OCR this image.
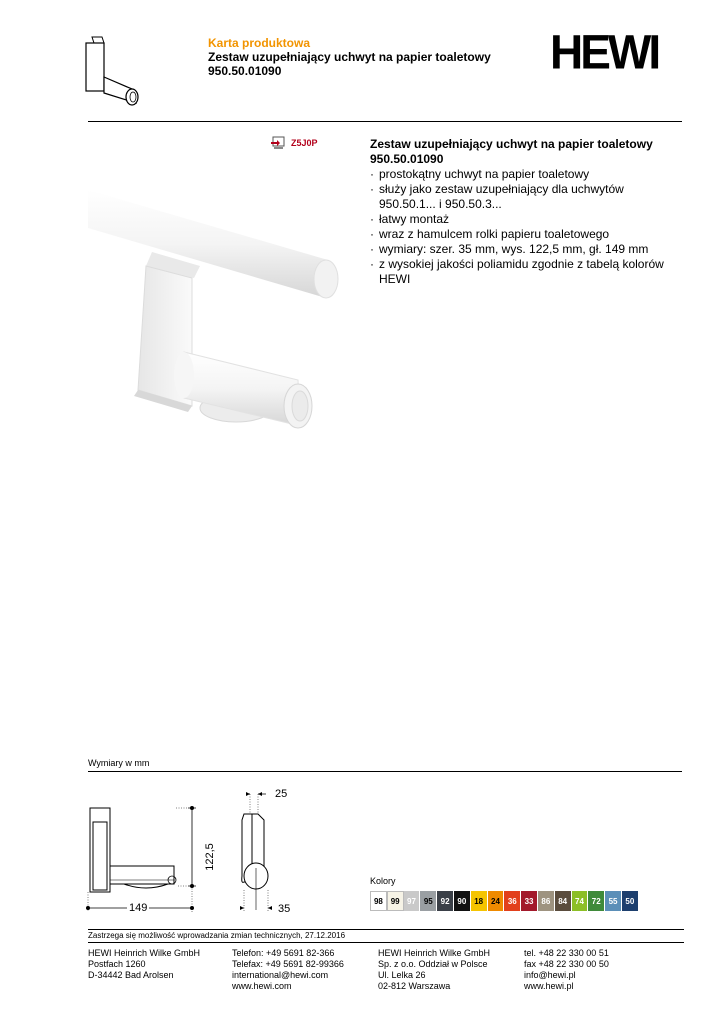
Karta produktowa
Zestaw uzupełniający uchwyt na papier toaletowy
950.50.01090	HEWI
Z5J0P	Zestaw uzupełniający uchwyt na papier toaletowy
950.50.01090
· prostokątny uchwyt na papier toaletowy
· służy jako zestaw uzupełniający dla uchwytów 950.50.1... i 950.50.3...
· łatwy montaż
· wraz z hamulcem rolki papieru toaletowego
· wymiary: szer. 35 mm, wys. 122,5 mm, gł. 149 mm
· z wysokiej jakości poliamidu zgodnie z tabelą kolorów HEWI
Wymiary w mm
122,5
149
25
35
Kolory
98 99 97 95 92 90 18 24 36 33 86 84 74 72 55 50
Zastrzega się możliwość wprowadzania zmian technicznych, 27.12.2016
HEWI Heinrich Wilke GmbH
Postfach 1260
D-34442 Bad Arolsen
Telefon: +49 5691 82-366
Telefax: +49 5691 82-99366
international@hewi.com
www.hewi.com
HEWI Heinrich Wilke GmbH
Sp. z o.o. Oddział w Polsce
Ul. Lelka 26
02-812 Warszawa
tel. +48 22 330 00 51
fax +48 22 330 00 50
info@hewi.pl
www.hewi.pl
